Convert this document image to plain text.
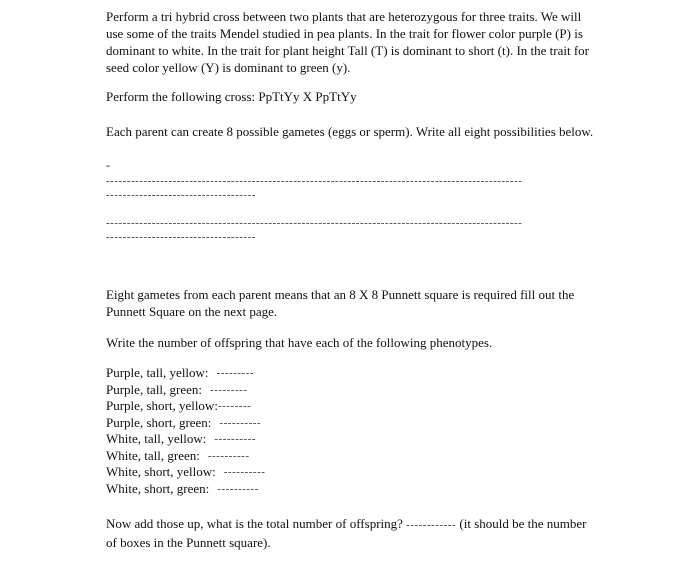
Perform a tri hybrid cross between two plants that are heterozygous for three traits. We will use some of the traits Mendel studied in pea plants. In the trait for flower color purple (P) is dominant to white. In the trait for plant height Tall (T) is dominant to short (t). In the trait for seed color yellow (Y) is dominant to green (y).

Perform the following cross: PpTtYy X PpTtYy

Each parent can create 8 possible gametes (eggs or sperm). Write all eight possibilities below.

-
----------------------------------------------------------------------------------------------------
------------------------------------
----------------------------------------------------------------------------------------------------
------------------------------------

Eight gametes from each parent means that an 8 X 8 Punnett square is required fill out the Punnett Square on the next page.

Write the number of offspring that have each of the following phenotypes.

Purple, tall, yellow: ---------
Purple, tall, green: ---------
Purple, short, yellow: --------
Purple, short, green: ----------
White, tall, yellow: ----------
White, tall, green: ----------
White, short, yellow: ----------
White, short, green: ----------

Now add those up, what is the total number of offspring? ------------ (it should be the number of boxes in the Punnett square).
